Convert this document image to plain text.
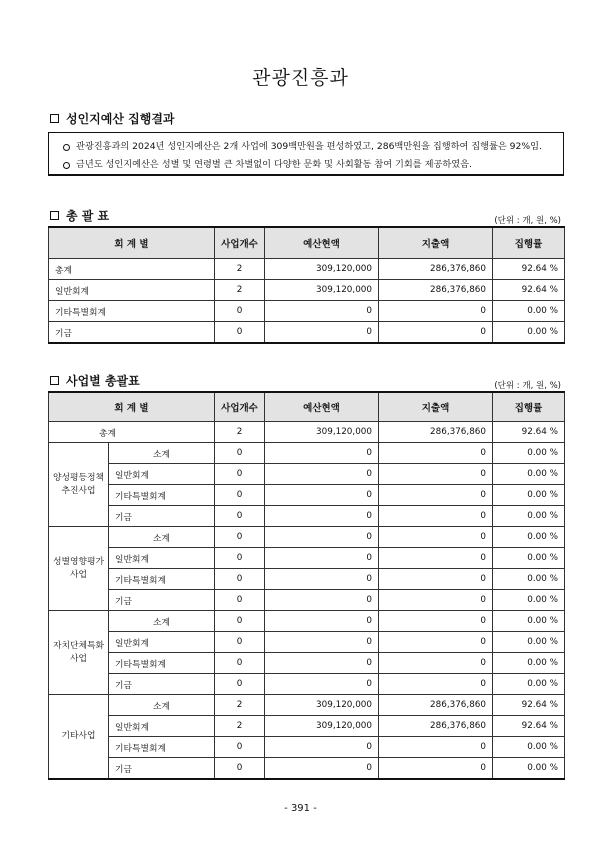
관광진흥과
성인지예산 집행결과
관광진흥과의 2024년 성인지예산은 2개 사업에 309백만원을 편성하였고, 286백만원을 집행하여 집행률은 92%임.
금년도 성인지예산은 성별 및 연령별 큰 차별없이 다양한 문화 및 사회활동 참여 기회를 제공하였음.
총 괄 표	(단위 : 개, 원, %)
회 계 별	사업개수	예산현액	지출액	집행률
총계	2	309,120,000	286,376,860	92.64 %
일반회계	2	309,120,000	286,376,860	92.64 %
기타특별회계	0	0	0	0.00 %
기금	0	0	0	0.00 %
사업별 총괄표	(단위 : 개, 원, %)
회 계 별		사업개수	예산현액	지출액	집행률
총계		2	309,120,000	286,376,860	92.64 %
양성평등정책 추진사업	소계	0	0	0	0.00 %
	일반회계	0	0	0	0.00 %
	기타특별회계	0	0	0	0.00 %
	기금	0	0	0	0.00 %
성별영향평가 사업	소계	0	0	0	0.00 %
	일반회계	0	0	0	0.00 %
	기타특별회계	0	0	0	0.00 %
	기금	0	0	0	0.00 %
자치단체특화 사업	소계	0	0	0	0.00 %
	일반회계	0	0	0	0.00 %
	기타특별회계	0	0	0	0.00 %
	기금	0	0	0	0.00 %
기타사업	소계	2	309,120,000	286,376,860	92.64 %
	일반회계	2	309,120,000	286,376,860	92.64 %
	기타특별회계	0	0	0	0.00 %
	기금	0	0	0	0.00 %
- 391 -
